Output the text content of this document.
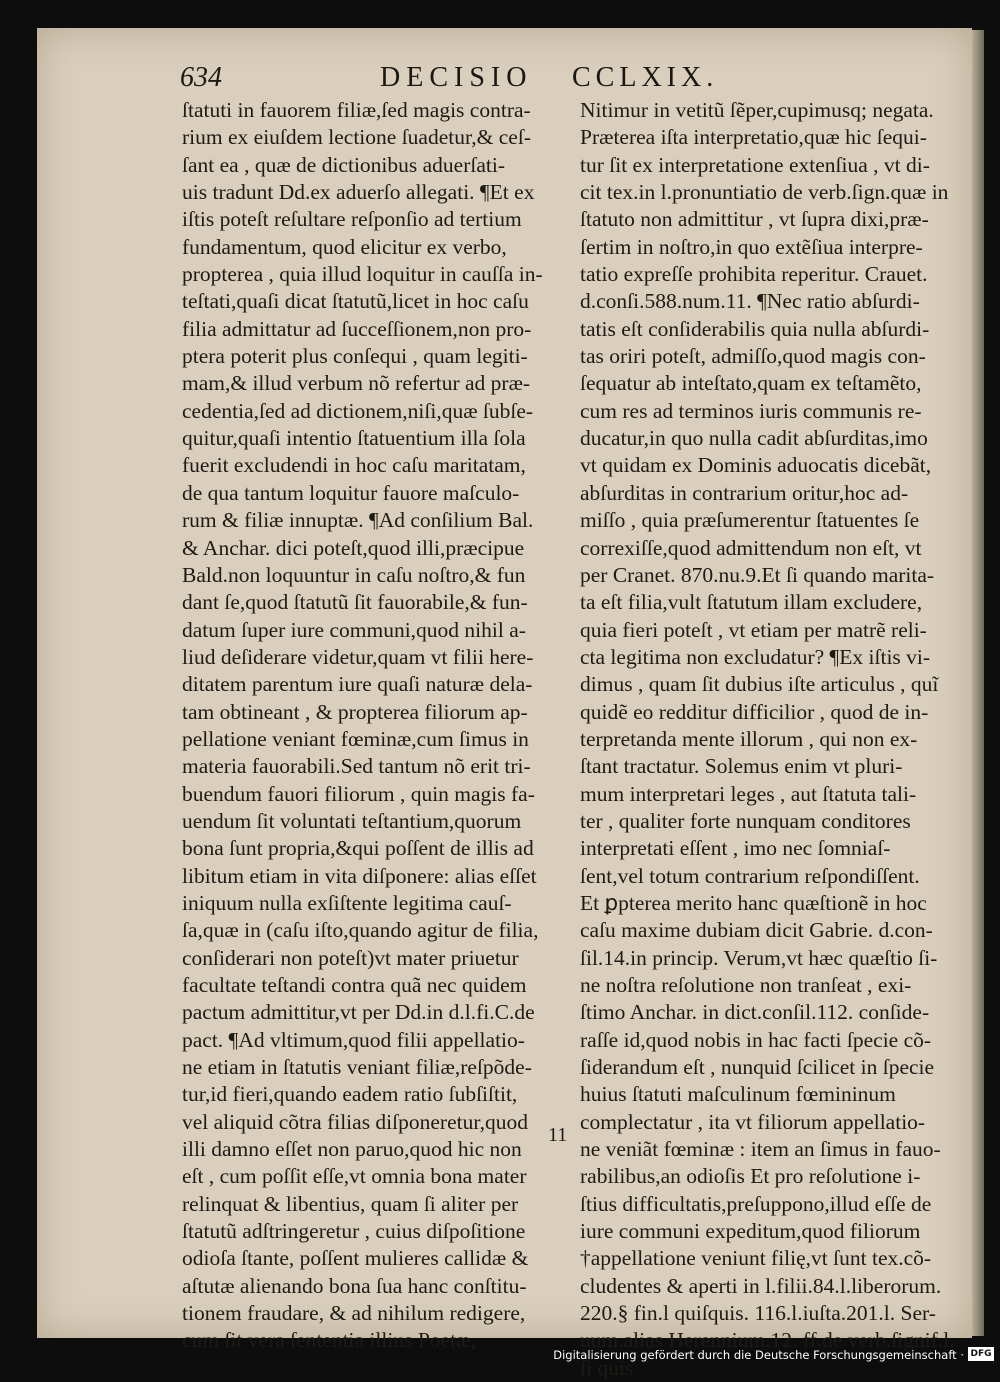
634	DECISIO CCLXIX.
ſtatuti in fauorem filiæ,ſed magis contra-
rium ex eiuſdem lectione ſuadetur,& ceſ-
ſant ea , quæ de dictionibus aduerſati-
uis tradunt Dd.ex aduerſo allegati. ¶Et ex
iſtis poteſt reſultare reſponſio ad tertium
fundamentum, quod elicitur ex verbo,
propterea , quia illud loquitur in cauſſa in-
teſtati,quaſi dicat ſtatutũ,licet in hoc caſu
filia admittatur ad ſucceſſionem,non pro-
ptera poterit plus conſequi , quam legiti-
mam,& illud verbum nõ refertur ad præ-
cedentia,ſed ad dictionem,niſi,quæ ſubſe-
quitur,quaſi intentio ſtatuentium illa ſola
fuerit excludendi in hoc caſu maritatam,
de qua tantum loquitur fauore maſculo-
rum & filiæ innuptæ. ¶Ad conſilium Bal.
& Anchar. dici poteſt,quod illi,præcipue
Bald.non loquuntur in caſu noſtro,& fun
dant ſe,quod ſtatutũ ſit fauorabile,& fun-
datum ſuper iure communi,quod nihil a-
liud deſiderare videtur,quam vt filii here-
ditatem parentum iure quaſi naturæ dela-
tam obtineant , & propterea filiorum ap-
pellatione veniant fœminæ,cum ſimus in
materia fauorabili.Sed tantum nõ erit tri-
buendum fauori filiorum , quin magis fa-
uendum ſit voluntati teſtantium,quorum
bona ſunt propria,&qui poſſent de illis ad
libitum etiam in vita diſponere: alias eſſet
iniquum nulla exſiſtente legitima cauſ-
ſa,quæ in (caſu iſto,quando agitur de filia,
conſiderari non poteſt)vt mater priuetur
facultate teſtandi contra quã nec quidem
pactum admittitur,vt per Dd.in d.l.fi.C.de
pact. ¶Ad vltimum,quod filii appellatio-
ne etiam in ſtatutis veniant filiæ,reſpõde-
tur,id fieri,quando eadem ratio ſubſiſtit,
vel aliquid cõtra filias diſponeretur,quod
illi damno eſſet non paruo,quod hic non
eſt , cum poſſit eſſe,vt omnia bona mater
relinquat & libentius, quam ſi aliter per
ſtatutũ adſtringeretur , cuius diſpoſitione
odioſa ſtante, poſſent mulieres callidæ &
aſtutæ alienando bona ſua hanc conſtitu-
tionem fraudare, & ad nihilum redigere,
cum ſit vera ſententia illius Poetæ,
Nitimur in vetitũ ſẽper,cupimusq; negata.
Præterea iſta interpretatio,quæ hic ſequi-
tur ſit ex interpretatione extenſiua , vt di-
cit tex.in l.pronuntiatio de verb.ſign.quæ in
ſtatuto non admittitur , vt ſupra dixi,præ-
ſertim in noſtro,in quo extẽſiua interpre-
tatio expreſſe prohibita reperitur. Crauet.
d.conſi.588.num.11. ¶Nec ratio abſurdi-
tatis eſt conſiderabilis quia nulla abſurdi-
tas oriri poteſt, admiſſo,quod magis con-
ſequatur ab inteſtato,quam ex teſtamẽto,
cum res ad terminos iuris communis re-
ducatur,in quo nulla cadit abſurditas,imo
vt quidam ex Dominis aduocatis dicebãt,
abſurditas in contrarium oritur,hoc ad-
miſſo , quia præſumerentur ſtatuentes ſe
correxiſſe,quod admittendum non eſt, vt
per Cranet. 870.nu.9.Et ſi quando marita-
ta eſt filia,vult ſtatutum illam excludere,
quia fieri poteſt , vt etiam per matrẽ reli-
cta legitima non excludatur? ¶Ex iſtis vi-
dimus , quam ſit dubius iſte articulus , quĩ
quidẽ eo redditur difficilior , quod de in-
terpretanda mente illorum , qui non ex-
ſtant tractatur. Solemus enim vt pluri-
mum interpretari leges , aut ſtatuta tali-
ter , qualiter forte nunquam conditores
interpretati eſſent , imo nec ſomniaſ-
ſent,vel totum contrarium reſpondiſſent.
Et ꝑptereа merito hanc quæſtionẽ in hoc
caſu maxime dubiam dicit Gabrie. d.con-
ſil.14.in princip. Verum,vt hæc quæſtio ſi-
ne noſtra reſolutione non tranſeat , exi-
ſtimo Anchar. in dict.conſil.112. conſide-
raſſe id,quod nobis in hac facti ſpecie cõ-
ſiderandum eſt , nunquid ſcilicet in ſpecie
huius ſtatuti maſculinum fœmininum
complectatur , ita vt filiorum appellatio-
ne veniãt fœminæ : item an ſimus in fauo-
rabilibus,an odioſis Et pro reſolutione i-
ſtius difficultatis,preſuppono,illud eſſe de
iure communi expeditum,quod filiorum
†appellatione veniunt filię,vt ſunt tex.cõ-
cludentes & aperti in l.filii.84.l.liberorum.
220.§ fin.l quiſquis. 116.l.iuſta.201.l. Ser-
uum.alias Herennium.12. ff.de verb.ſignif.l.
ſi quis
11
Digitalisierung gefördert durch die Deutsche Forschungsgemeinschaft · DFG
